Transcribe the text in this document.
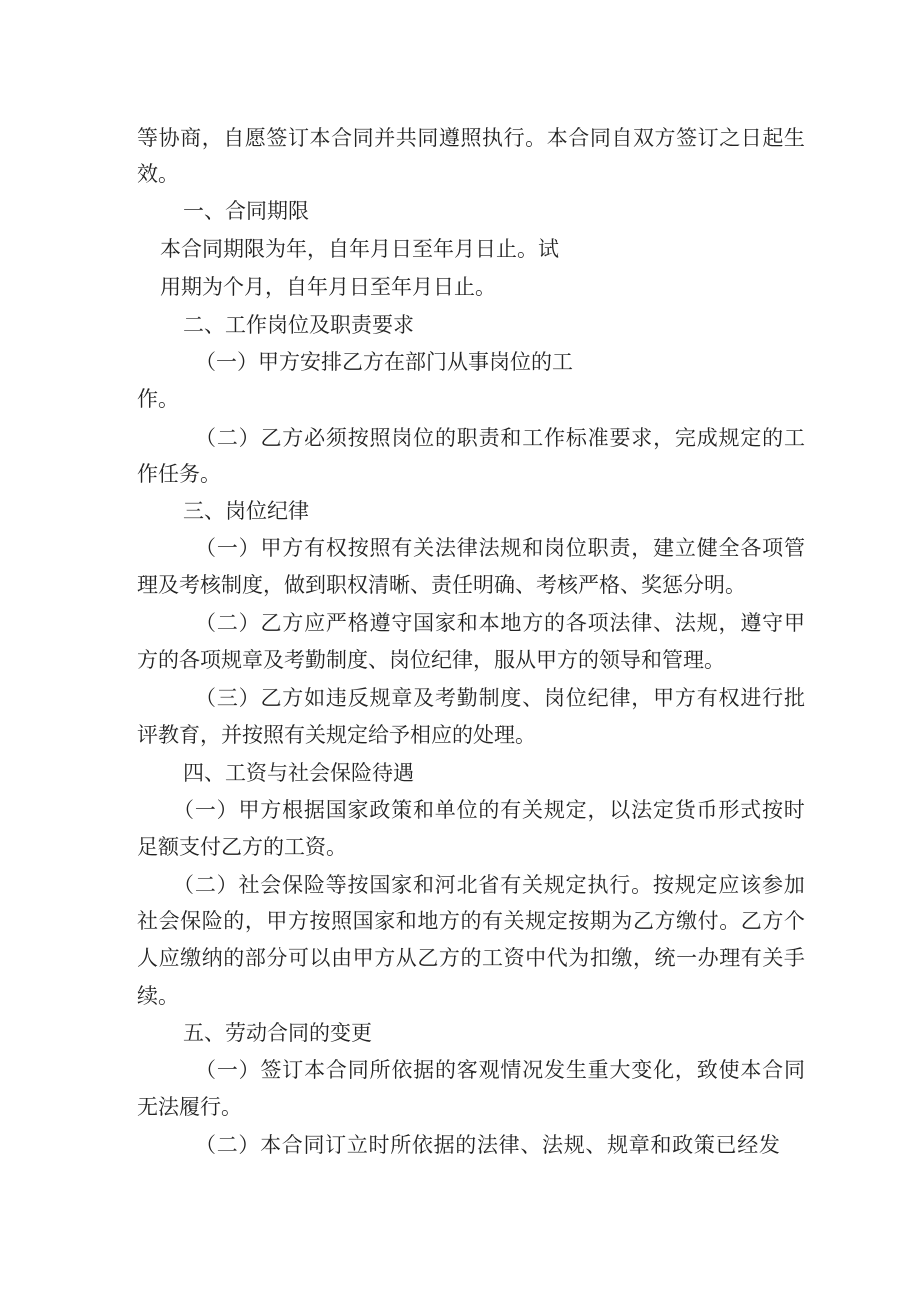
等 协 商 ， 自 愿 签 订 本 合 同 并 共 同 遵 照 执 行 。 本 合 同 自 双 方 签 订 之 日 起 生
效。
一、合同期限
本合同期限为年，自年月日至年月日止。试
用期为个月，自年月日至年月日止。
二、工作岗位及职责要求
（一）甲方安排乙方在部门从事岗位的工
作。
（ 二 ） 乙 方 必 须 按 照 岗 位 的 职 责 和 工 作 标 准 要 求 ， 完 成 规 定 的 工
作任务。
三、岗位纪律
（ 一 ） 甲 方 有 权 按 照 有 关 法 律 法 规 和 岗 位 职 责 ， 建 立 健 全 各 项 管
理及考核制度，做到职权清晰、责任明确、考核严格、奖惩分明。
（ 二 ） 乙 方 应 严 格 遵 守 国 家 和 本 地 方 的 各 项 法 律 、 法 规 ， 遵 守 甲
方的各项规章及考勤制度、岗位纪律，服从甲方的领导和管理。
（ 三 ） 乙 方 如 违 反 规 章 及 考 勤 制 度 、 岗 位 纪 律 ， 甲 方 有 权 进 行 批
评教育，并按照有关规定给予相应的处理。
四、工资与社会保险待遇
（ 一 ） 甲 方 根 据 国 家 政 策 和 单 位 的 有 关 规 定 ， 以 法 定 货 币 形 式 按 时
足额支付乙方的工资。
（ 二 ） 社 会 保 险 等 按 国 家 和 河 北 省 有 关 规 定 执 行 。 按 规 定 应 该 参 加
社 会 保 险 的 ， 甲 方 按 照 国 家 和 地 方 的 有 关 规 定 按 期 为 乙 方 缴 付 。 乙 方 个
人 应 缴 纳 的 部 分 可 以 由 甲 方 从 乙 方 的 工 资 中 代 为 扣 缴 ， 统 一 办 理 有 关 手
续。
五、劳动合同的变更
（ 一 ） 签 订 本 合 同 所 依 据 的 客 观 情 况 发 生 重 大 变 化 ， 致 使 本 合 同
无法履行。
（ 二 ） 本 合 同 订 立 时 所 依 据 的 法 律 、 法 规 、 规 章 和 政 策 已 经 发
